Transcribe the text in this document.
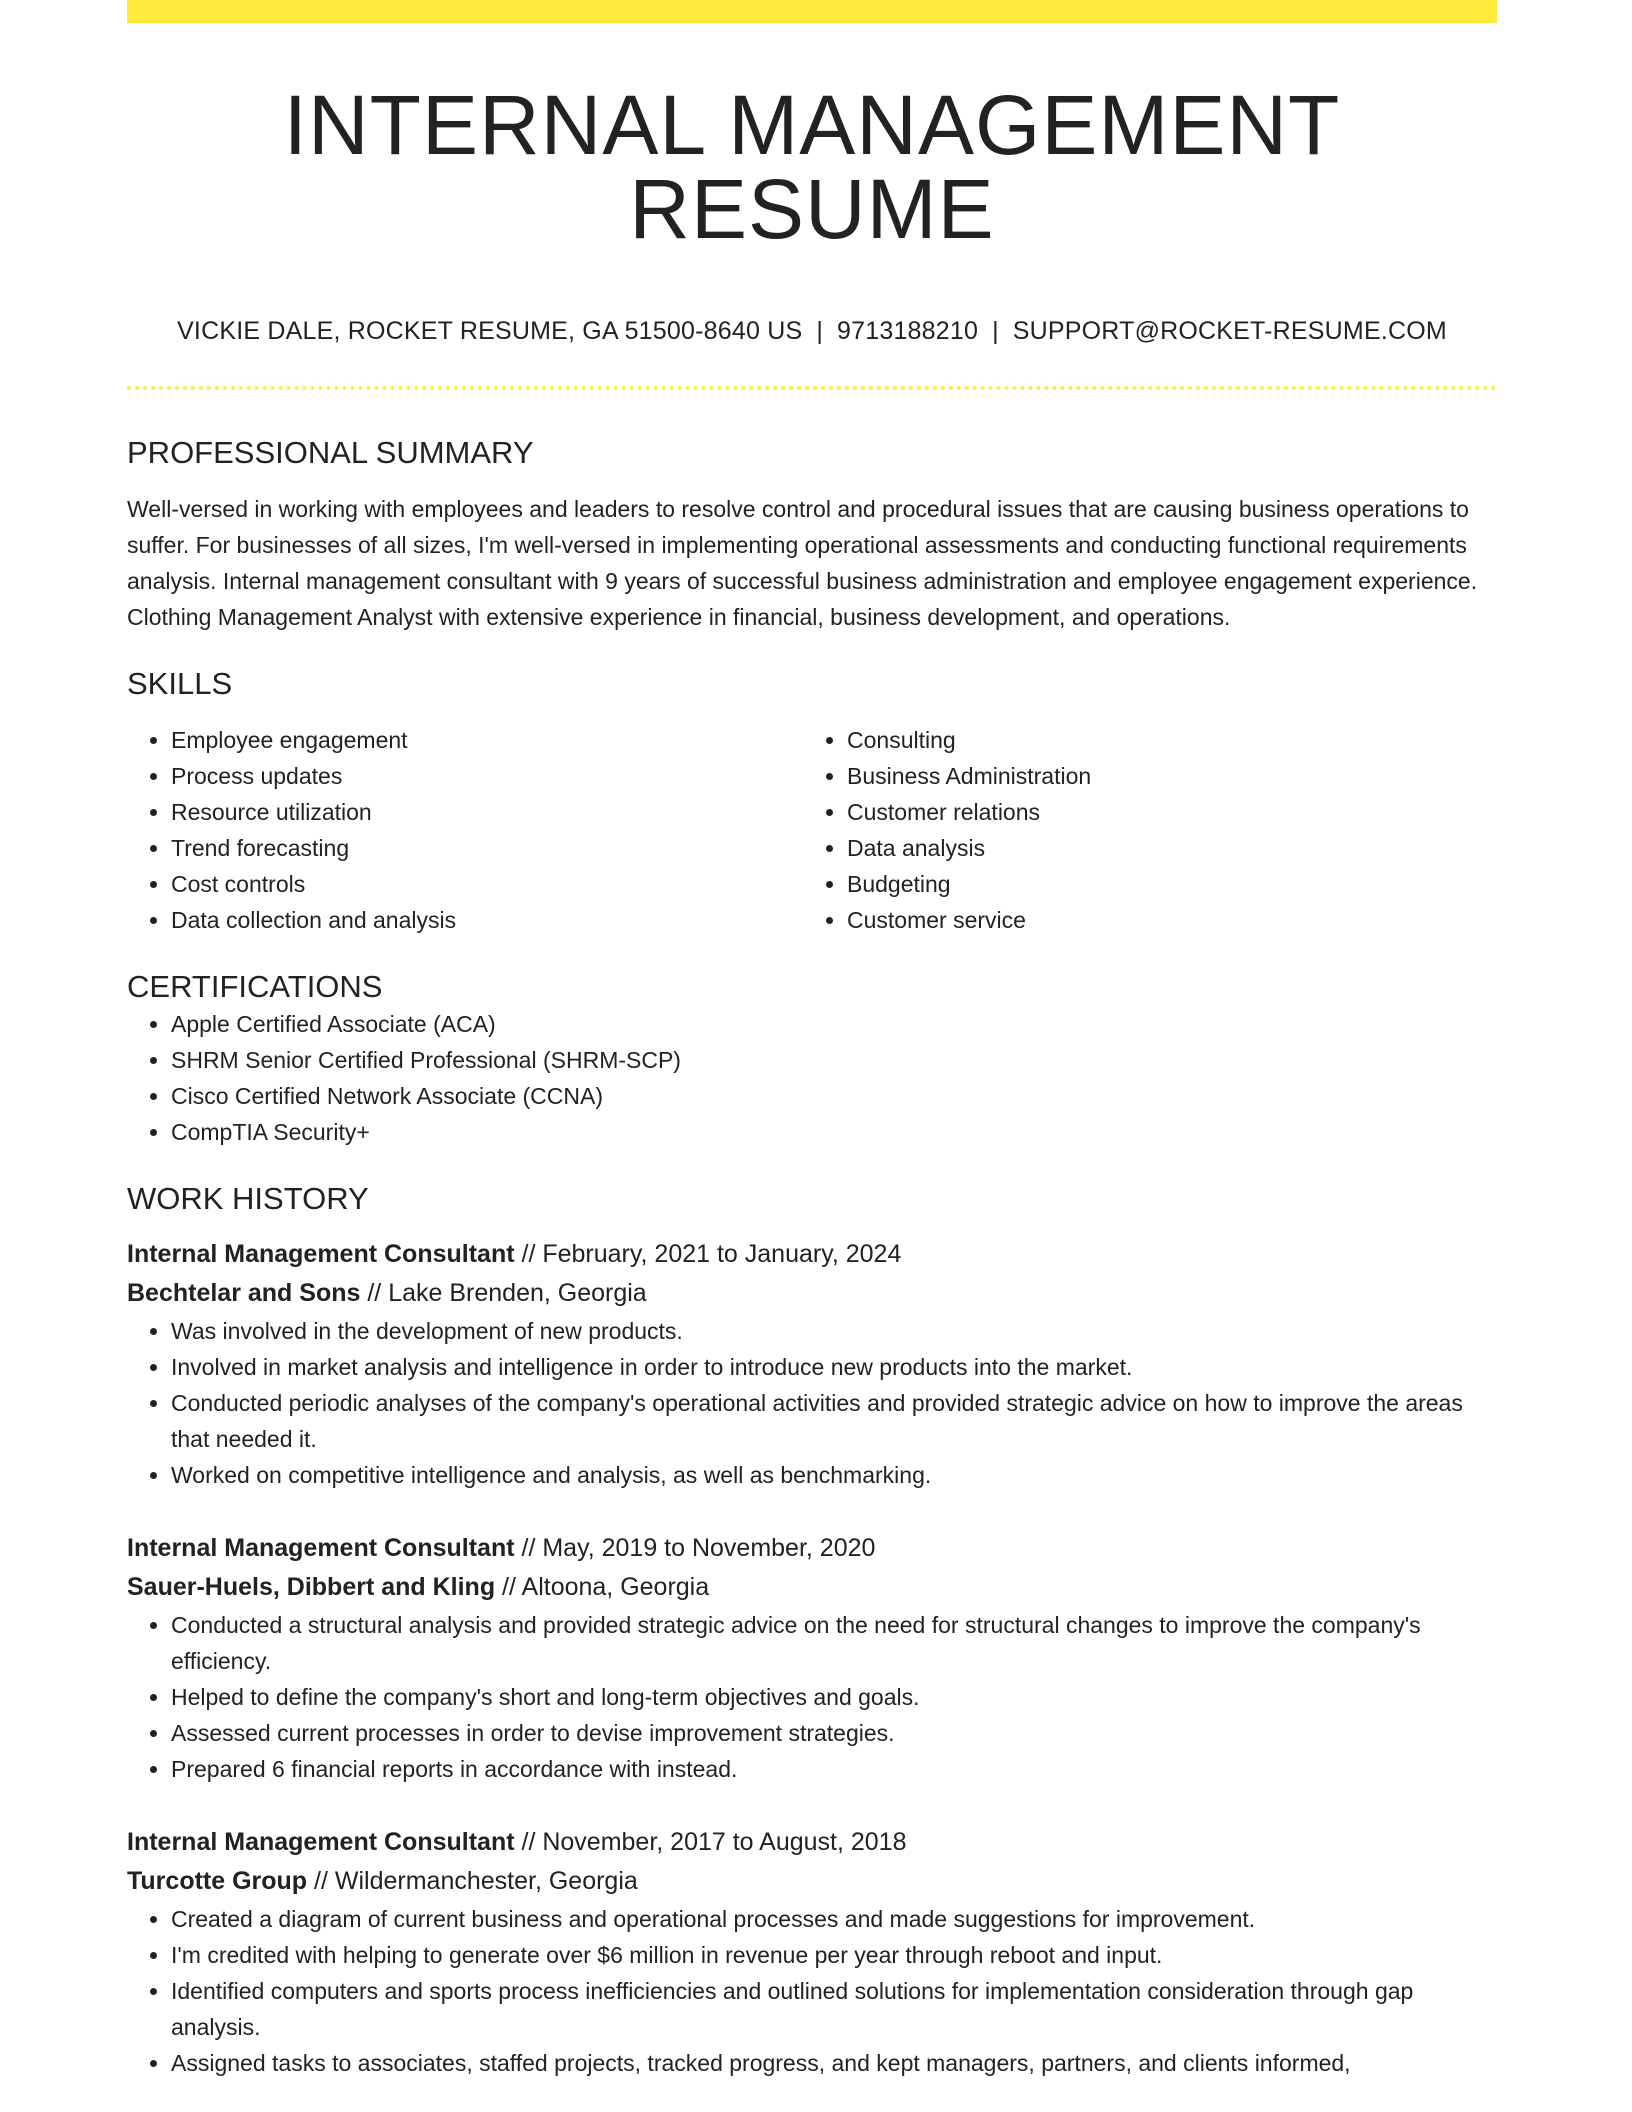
INTERNAL MANAGEMENT RESUME
VICKIE DALE, ROCKET RESUME, GA 51500-8640 US | 9713188210 | SUPPORT@ROCKET-RESUME.COM
PROFESSIONAL SUMMARY
Well-versed in working with employees and leaders to resolve control and procedural issues that are causing business operations to suffer. For businesses of all sizes, I'm well-versed in implementing operational assessments and conducting functional requirements analysis. Internal management consultant with 9 years of successful business administration and employee engagement experience. Clothing Management Analyst with extensive experience in financial, business development, and operations.
SKILLS
• Employee engagement
• Process updates
• Resource utilization
• Trend forecasting
• Cost controls
• Data collection and analysis
• Consulting
• Business Administration
• Customer relations
• Data analysis
• Budgeting
• Customer service
CERTIFICATIONS
• Apple Certified Associate (ACA)
• SHRM Senior Certified Professional (SHRM-SCP)
• Cisco Certified Network Associate (CCNA)
• CompTIA Security+
WORK HISTORY
Internal Management Consultant // February, 2021 to January, 2024
Bechtelar and Sons // Lake Brenden, Georgia
• Was involved in the development of new products.
• Involved in market analysis and intelligence in order to introduce new products into the market.
• Conducted periodic analyses of the company's operational activities and provided strategic advice on how to improve the areas that needed it.
• Worked on competitive intelligence and analysis, as well as benchmarking.
Internal Management Consultant // May, 2019 to November, 2020
Sauer-Huels, Dibbert and Kling // Altoona, Georgia
• Conducted a structural analysis and provided strategic advice on the need for structural changes to improve the company's efficiency.
• Helped to define the company's short and long-term objectives and goals.
• Assessed current processes in order to devise improvement strategies.
• Prepared 6 financial reports in accordance with instead.
Internal Management Consultant // November, 2017 to August, 2018
Turcotte Group // Wildermanchester, Georgia
• Created a diagram of current business and operational processes and made suggestions for improvement.
• I'm credited with helping to generate over $6 million in revenue per year through reboot and input.
• Identified computers and sports process inefficiencies and outlined solutions for implementation consideration through gap analysis.
• Assigned tasks to associates, staffed projects, tracked progress, and kept managers, partners, and clients informed,
